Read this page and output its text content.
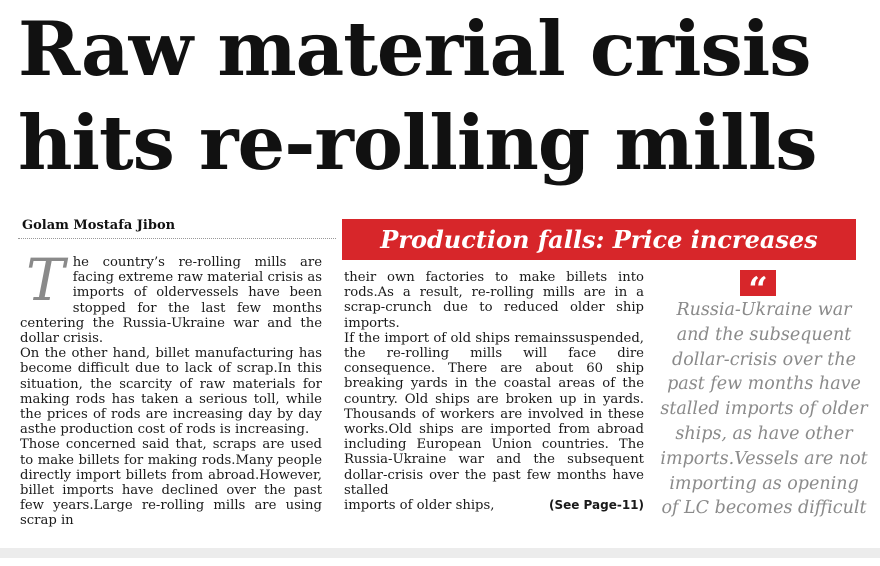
Raw material crisis
hits re-rolling mills
Golam Mostafa Jibon	Production falls: Price increases
T he country’s re-rolling mills are facing extreme raw material crisis as imports of oldervessels have been stopped for the last few months centering the Russia-Ukraine war and the dollar crisis.

On the other hand, billet manufacturing has become difficult due to lack of scrap.In this situation, the scarcity of raw materials for making rods has taken a serious toll, while the prices of rods are increasing day by day asthe production cost of rods is increasing.

Those concerned said that, scraps are used to make billets for making rods.Many people directly import billets from abroad.However, billet imports have declined over the past few years.Large re-rolling mills are using scrap in

their own factories to make billets into rods.As a result, re-rolling mills are in a scrap-crunch due to reduced older ship imports.

If the import of old ships remainssuspended, the re-rolling mills will face dire consequence. There are about 60 ship breaking yards in the coastal areas of the country. Old ships are broken up in yards. Thousands of workers are involved in these works.Old ships are imported from abroad including European Union countries. The Russia-Ukraine war and the subsequent dollar-crisis over the past few months have stalled

imports of older ships,	(See Page-11)

“
Russia-Ukraine war and the subsequent dollar-crisis over the past few months have stalled imports of older ships, as have other imports.Vessels are not importing as opening of LC becomes difficult
